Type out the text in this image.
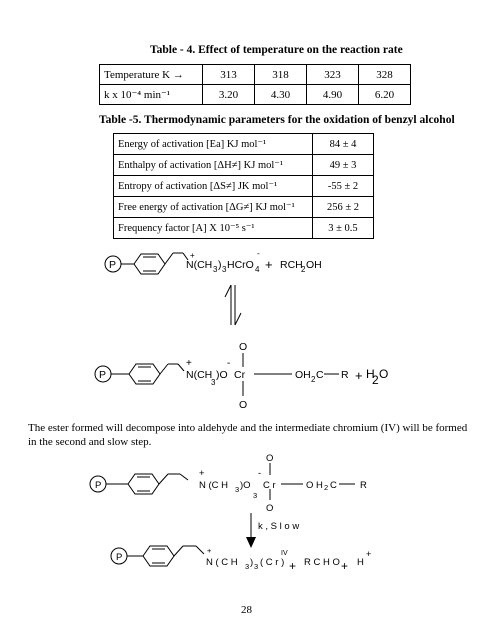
Table - 4. Effect of temperature on the reaction rate
Temperature K →	313	318	323	328
k x 10⁻⁴ min⁻¹	3.20	4.30	4.90	6.20
Table -5. Thermodynamic parameters for the oxidation of benzyl alcohol
Energy of activation [Ea] KJ mol⁻¹	84 ± 4
Enthalpy of activation [ΔH≠] KJ mol⁻¹	49 ± 3
Entropy of activation [ΔS≠] JK mol⁻¹	-55 ± 2
Free energy of activation [ΔG≠] KJ mol⁻¹	256 ± 2
Frequency factor [A] X 10⁻⁵ s⁻¹	3 ± 0.5
P
+	-
N(CH 3 ) 3 HCrO 4 + RCH
2 OH
P
+	-
O
N(CH
3
)O Cr
O
OH 2 C R + H
2 O
P
+	-
O
N (C H 3 )O
3
C r
O
O H 2 C R
k , S l o w
P
+
N ( C H 3 ) 3 ( C r )
IV
+ R C H O + H
+
The ester formed will decompose into aldehyde and the intermediate chromium (IV) will be formed in the second and slow step.
28
